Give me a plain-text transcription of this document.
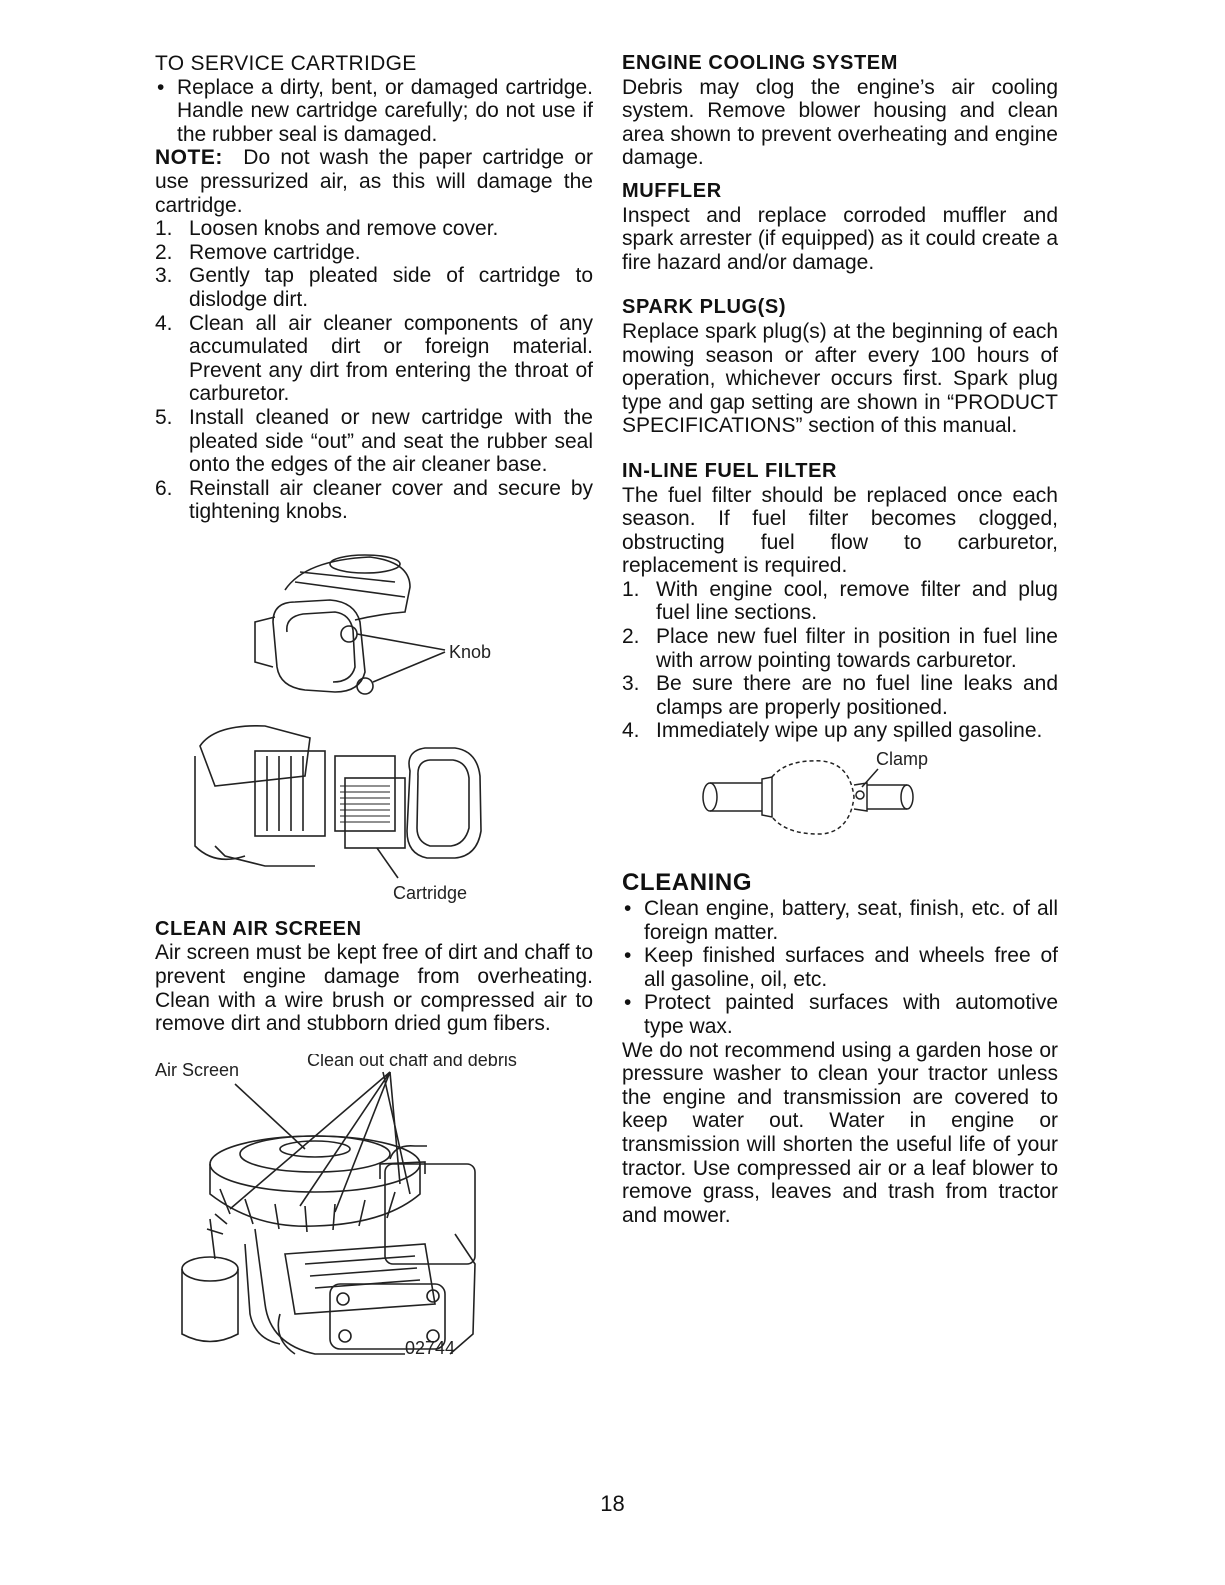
TO SERVICE CARTRIDGE
• Replace a dirty, bent, or damaged cartridge. Handle new cartridge carefully; do not use if the rubber seal is damaged.

NOTE: Do not wash the paper cartridge or use pressurized air, as this will damage the cartridge.

1. Loosen knobs and remove cover.
2. Remove cartridge.
3. Gently tap pleated side of cartridge to dislodge dirt.
4. Clean all air cleaner components of any accumulated dirt or foreign material. Prevent any dirt from entering the throat of carburetor.
5. Install cleaned or new cartridge with the pleated side “out” and seat the rubber seal onto the edges of the air cleaner base.
6. Reinstall air cleaner cover and secure by tightening knobs.
Knob
Cartridge
CLEAN AIR SCREEN

Air screen must be kept free of dirt and chaff to prevent engine damage from overheating. Clean with a wire brush or compressed air to remove dirt and stubborn dried gum fibers.

Air Screen	Clean out chaff and debris
02744
ENGINE COOLING SYSTEM

Debris may clog the engine’s air cooling system. Remove blower housing and clean area shown to prevent overheating and engine damage.

MUFFLER

Inspect and replace corroded muffler and spark arrester (if equipped) as it could create a fire hazard and/or damage.

SPARK PLUG(S)

Replace spark plug(s) at the beginning of each mowing season or after every 100 hours of operation, whichever occurs first. Spark plug type and gap setting are shown in “PRODUCT SPECIFICATIONS” section of this manual.

IN-LINE FUEL FILTER

The fuel filter should be replaced once each season. If fuel filter becomes clogged, obstructing fuel flow to carburetor, replacement is required.

1. With engine cool, remove filter and plug fuel line sections.
2. Place new fuel filter in position in fuel line with arrow pointing towards carburetor.
3. Be sure there are no fuel line leaks and clamps are properly positioned.
4. Immediately wipe up any spilled gasoline.
Clamp
CLEANING
• Clean engine, battery, seat, finish, etc. of all foreign matter.
• Keep finished surfaces and wheels free of all gasoline, oil, etc.
• Protect painted surfaces with automotive type wax.

We do not recommend using a garden hose or pressure washer to clean your tractor unless the engine and transmission are covered to keep water out. Water in engine or transmission will shorten the useful life of your tractor. Use compressed air or a leaf blower to remove grass, leaves and trash from tractor and mower.

18
